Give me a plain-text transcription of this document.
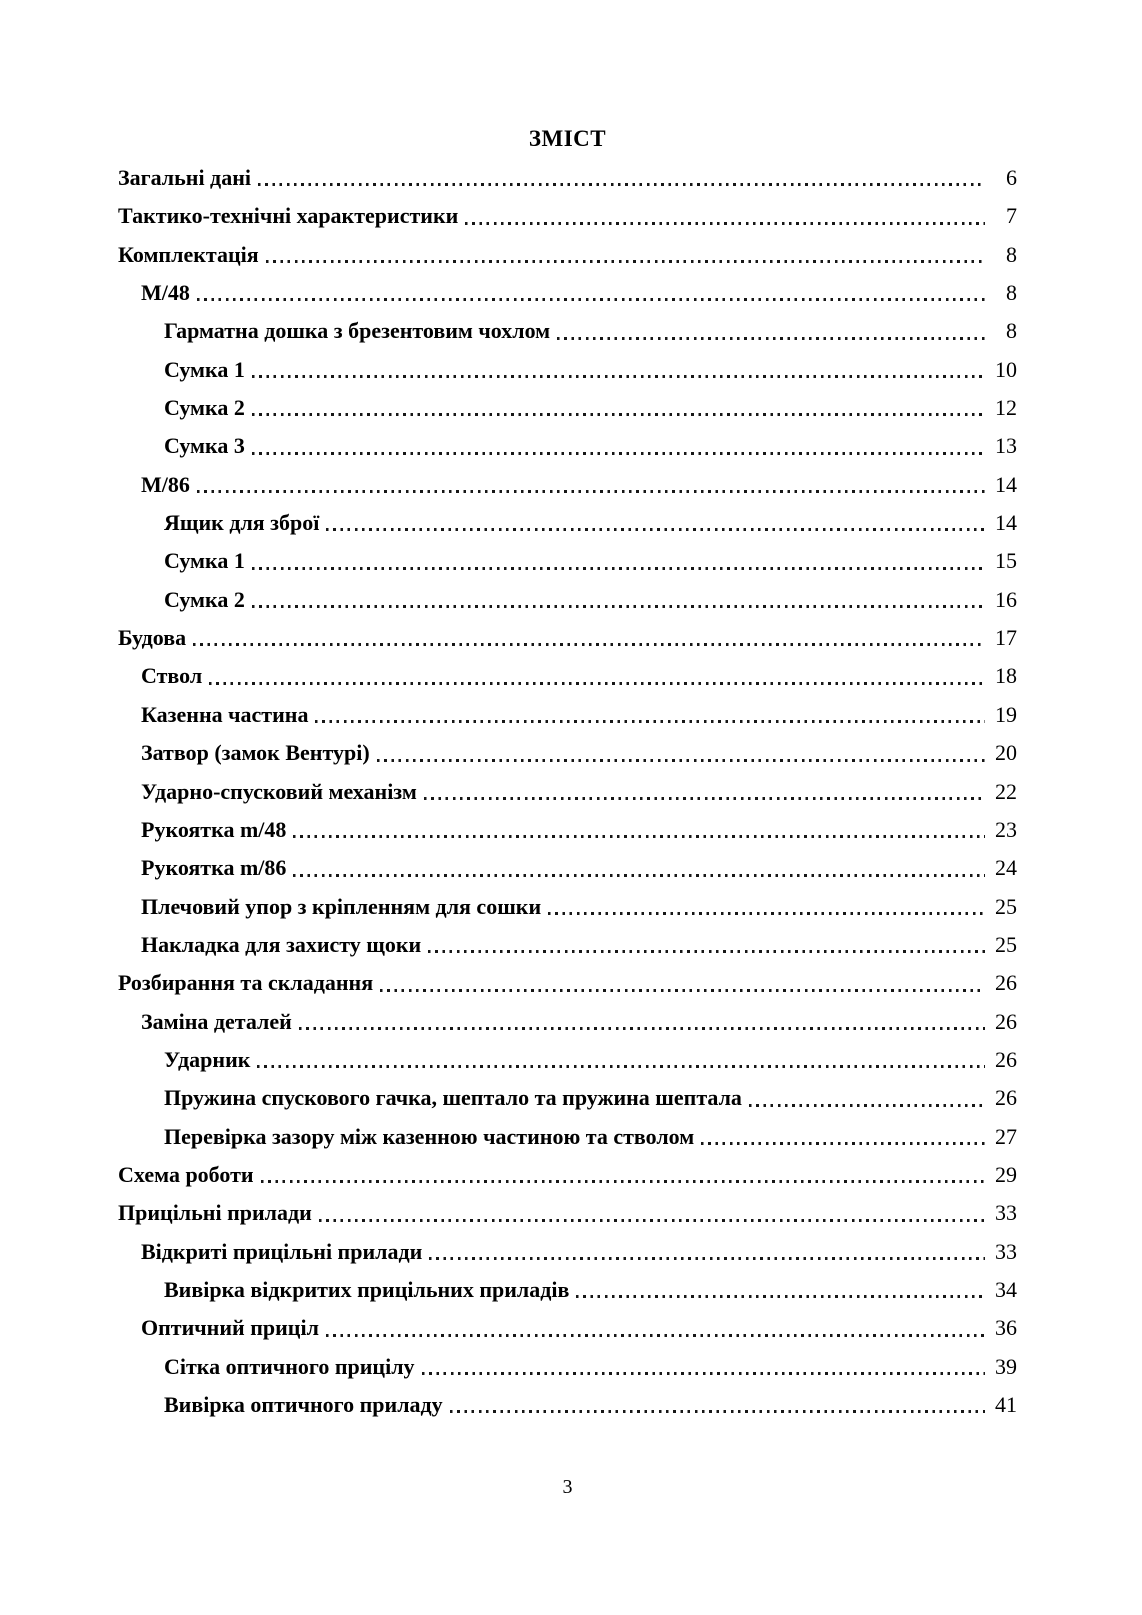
ЗМІСТ
Загальні дані	6
Тактико-технічні характеристики	7
Комплектація	8
М/48	8
Гарматна дошка з брезентовим чохлом	8
Сумка 1	10
Сумка 2	12
Сумка 3	13
М/86	14
Ящик для зброї	14
Сумка 1	15
Сумка 2	16
Будова	17
Ствол	18
Казенна частина	19
Затвор (замок Вентурі)	20
Ударно-спусковий механізм	22
Рукоятка m/48	23
Рукоятка m/86	24
Плечовий упор з кріпленням для сошки	25
Накладка для захисту щоки	25
Розбирання та складання	26
Заміна деталей	26
Ударник	26
Пружина спускового гачка, шептало та пружина шептала	26
Перевірка зазору між казенною частиною та стволом	27
Схема роботи	29
Прицільні прилади	33
Відкриті прицільні прилади	33
Вивірка відкритих прицільних приладів	34
Оптичний приціл	36
Сітка оптичного прицілу	39
Вивірка оптичного приладу	41
3
